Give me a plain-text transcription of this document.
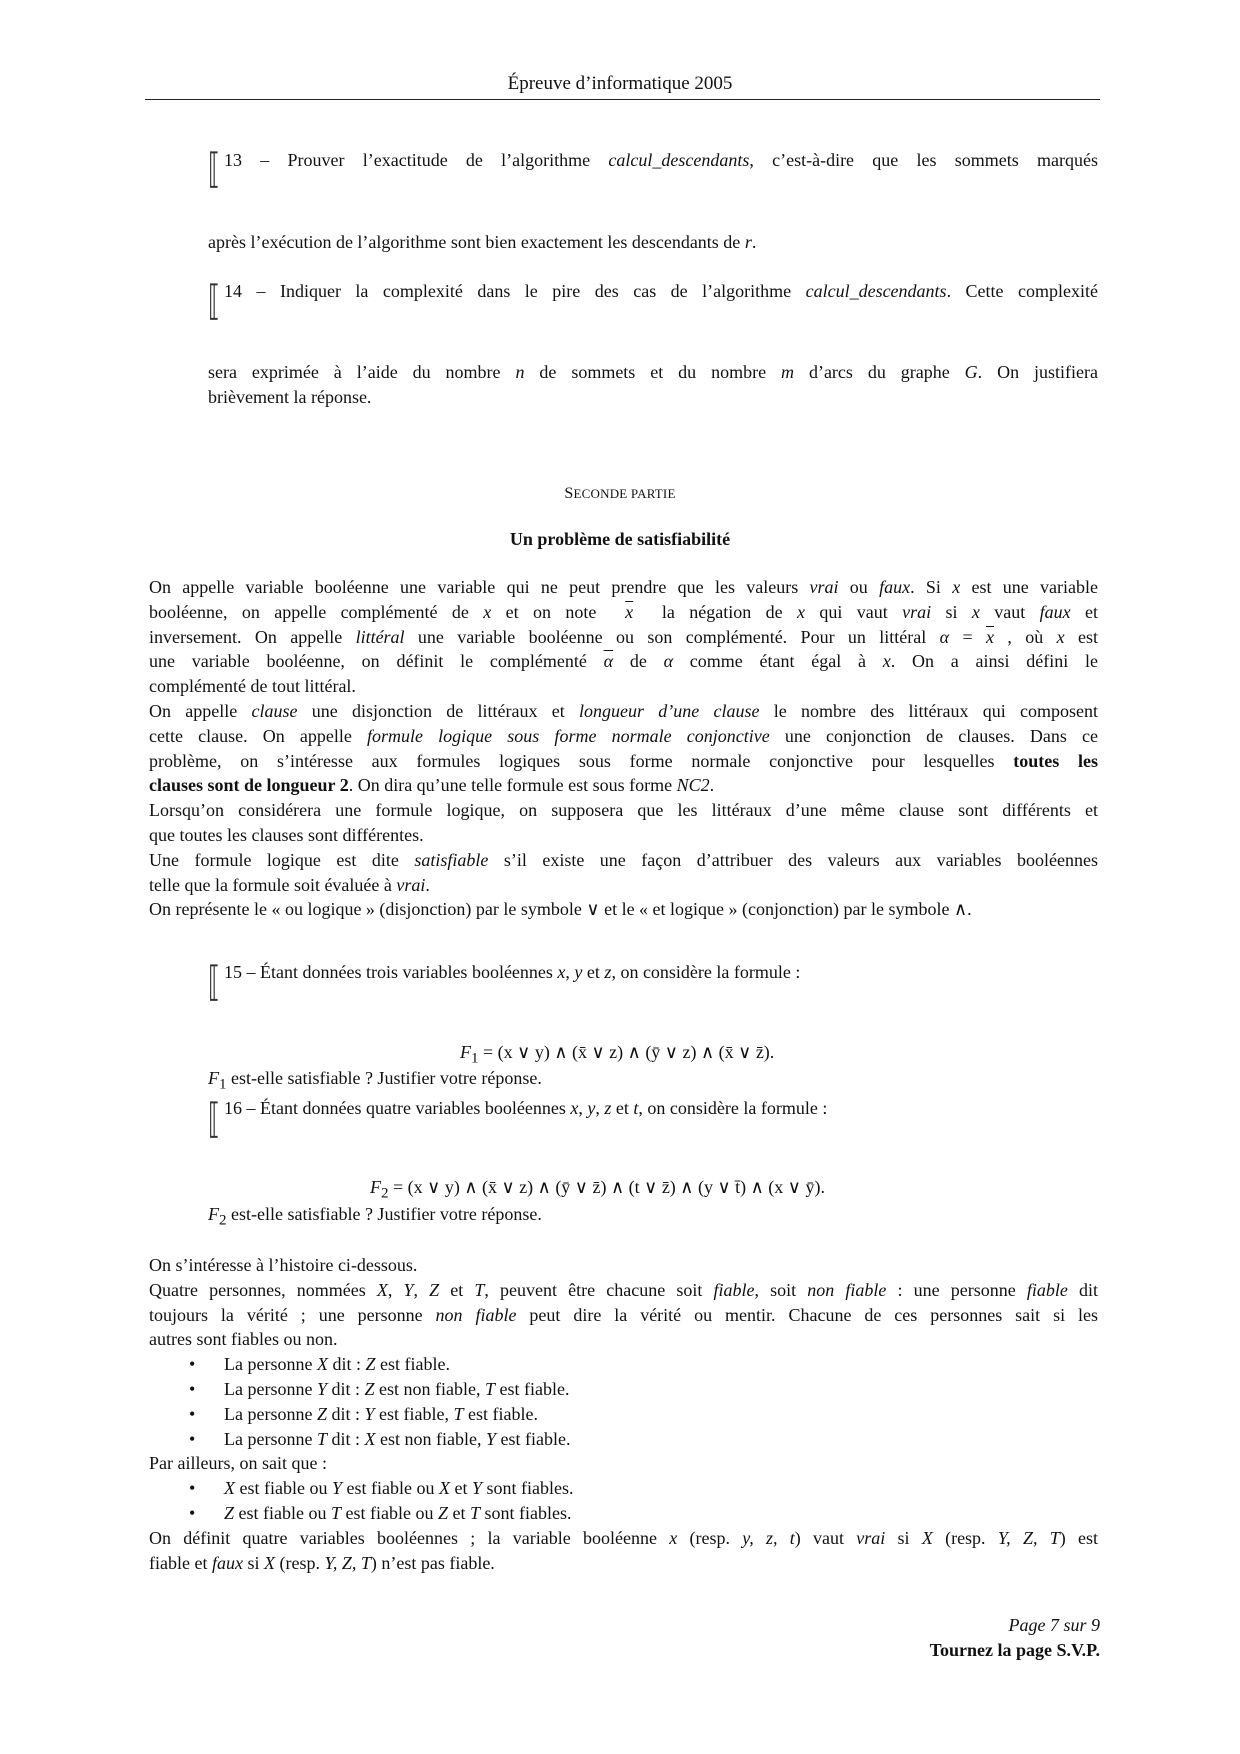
Épreuve d’informatique 2005
⟦ 13 – Prouver l’exactitude de l’algorithme calcul_descendants, c’est-à-dire que les sommets marqués
après l’exécution de l’algorithme sont bien exactement les descendants de r.
⟦ 14 – Indiquer la complexité dans le pire des cas de l’algorithme calcul_descendants. Cette complexité
sera exprimée à l’aide du nombre n de sommets et du nombre m d’arcs du graphe G. On justifiera
brièvement la réponse.
SECONDE PARTIE
Un problème de satisfiabilité

On appelle variable booléenne une variable qui ne peut prendre que les valeurs vrai ou faux. Si x est une variable

booléenne, on appelle complémenté de x et on note  $\overline{x}$  la négation de x qui vaut vrai si x vaut faux et

inversement. On appelle littéral une variable booléenne ou son complémenté. Pour un littéral $\alpha = \overline{x}$ , où x est

une variable booléenne, on définit le complémenté $\overline{\alpha}$ de α comme étant égal à x. On a ainsi défini le

complémenté de tout littéral.

On appelle clause une disjonction de littéraux et longueur d’une clause le nombre des littéraux qui composent

cette clause. On appelle formule logique sous forme normale conjonctive une conjonction de clauses. Dans ce

problème, on s’intéresse aux formules logiques sous forme normale conjonctive pour lesquelles toutes les

clauses sont de longueur 2. On dira qu’une telle formule est sous forme NC2.

Lorsqu’on considérera une formule logique, on supposera que les littéraux d’une même clause sont différents et

que toutes les clauses sont différentes.

Une formule logique est dite satisfiable s’il existe une façon d’attribuer des valeurs aux variables booléennes

telle que la formule soit évaluée à vrai.

On représente le « ou logique » (disjonction) par le symbole ∨ et le « et logique » (conjonction) par le symbole ∧.

⟦ 15 – Étant données trois variables booléennes x, y et z, on considère la formule :
$F_1 = (x$ ∨ y) ∧ (x̄ ∨ z) ∧ (ȳ ∨ z) ∧ (x̄ ∨ z̄).
$F_1$ est-elle satisfiable ? Justifier votre réponse.
⟦ 16 – Étant données quatre variables booléennes x, y, z et t, on considère la formule :
$F_2 = (x$ ∨ y) ∧ (x̄ ∨ z) ∧ (ȳ ∨ z̄) ∧ (t ∨ z̄) ∧ (y ∨ t̄) ∧ (x ∨ ȳ).
$F_2$ est-elle satisfiable ? Justifier votre réponse.

On s’intéresse à l’histoire ci-dessous.

Quatre personnes, nommées X, Y, Z et T, peuvent être chacune soit fiable, soit non fiable : une personne fiable dit

toujours la vérité ; une personne non fiable peut dire la vérité ou mentir. Chacune de ces personnes sait si les

autres sont fiables ou non.

• La personne X dit : Z est fiable.
• La personne Y dit : Z est non fiable, T est fiable.
• La personne Z dit : Y est fiable, T est fiable.
• La personne T dit : X est non fiable, Y est fiable.

Par ailleurs, on sait que :

• X est fiable ou Y est fiable ou X et Y sont fiables.
• Z est fiable ou T est fiable ou Z et T sont fiables.

On définit quatre variables booléennes ; la variable booléenne x (resp. y, z, t) vaut vrai si X (resp. Y, Z, T) est

fiable et faux si X (resp. Y, Z, T) n’est pas fiable.

Page 7 sur 9
Tournez la page S.V.P.
